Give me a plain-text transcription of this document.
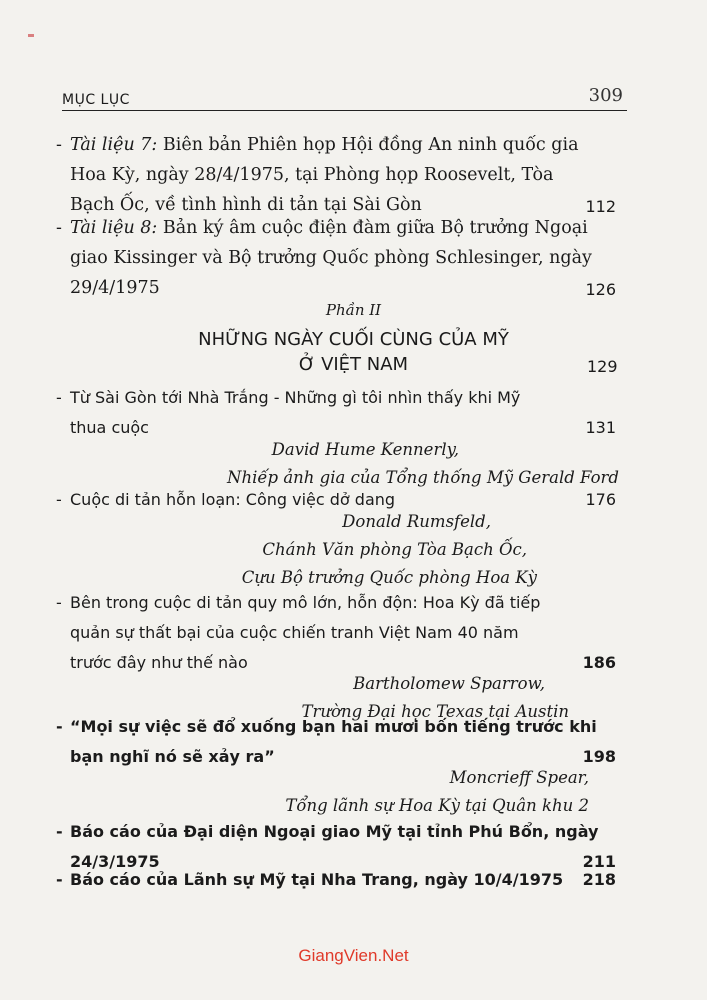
MỤC LỤC	309
- Tài liệu 7: Biên bản Phiên họp Hội đồng An ninh quốc gia
Hoa Kỳ, ngày 28/4/1975, tại Phòng họp Roosevelt, Tòa
Bạch Ốc, về tình hình di tản tại Sài Gòn	112
- Tài liệu 8: Bản ký âm cuộc điện đàm giữa Bộ trưởng Ngoại
giao Kissinger và Bộ trưởng Quốc phòng Schlesinger, ngày
29/4/1975	126
Phần II
NHỮNG NGÀY CUỐI CÙNG CỦA MỸ
Ở VIỆT NAM	129
- Từ Sài Gòn tới Nhà Trắng - Những gì tôi nhìn thấy khi Mỹ
thua cuộc	131
David Hume Kennerly,
Nhiếp ảnh gia của Tổng thống Mỹ Gerald Ford
- Cuộc di tản hỗn loạn: Công việc dở dang	176
Donald Rumsfeld,
Chánh Văn phòng Tòa Bạch Ốc,
Cựu Bộ trưởng Quốc phòng Hoa Kỳ
- Bên trong cuộc di tản quy mô lớn, hỗn độn: Hoa Kỳ đã tiếp
quản sự thất bại của cuộc chiến tranh Việt Nam 40 năm
trước đây như thế nào	186
Bartholomew Sparrow,
Trường Đại học Texas tại Austin
- “Mọi sự việc sẽ đổ xuống bạn hai mươi bốn tiếng trước khi
bạn nghĩ nó sẽ xảy ra”	198
Moncrieff Spear,
Tổng lãnh sự Hoa Kỳ tại Quân khu 2
- Báo cáo của Đại diện Ngoại giao Mỹ tại tỉnh Phú Bổn, ngày
24/3/1975	211
- Báo cáo của Lãnh sự Mỹ tại Nha Trang, ngày 10/4/1975	218
GiangVien.Net
